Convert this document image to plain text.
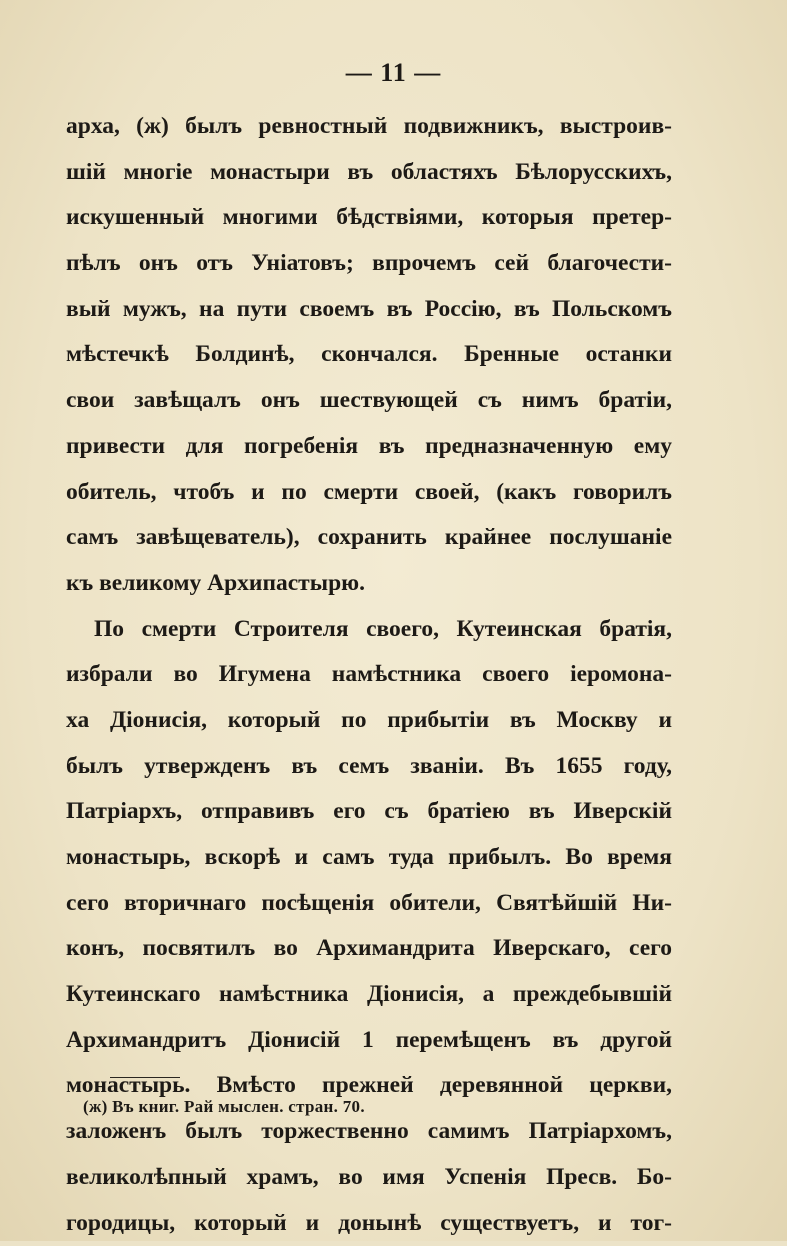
— 11 —
арха, (ж) былъ ревностный подвижникъ, выстроив-
шій многіе монастыри въ областяхъ Бѣлорусскихъ,
искушенный многими бѣдствіями, которыя претер-
пѣлъ онъ отъ Уніатовъ; впрочемъ сей благочести-
вый мужъ, на пути своемъ въ Россію, въ Польскомъ
мѣстечкѣ Болдинѣ, скончался. Бренные останки
свои завѣщалъ онъ шествующей съ нимъ братіи,
привести для погребенія въ предназначенную ему
обитель, чтобъ и по смерти своей, (какъ говорилъ
самъ завѣщеватель), сохранить крайнее послушаніе
къ великому Архипастырю.
По смерти Строителя своего, Кутеинская братія,
избрали во Игумена намѣстника своего іеромона-
ха Діонисія, который по прибытіи въ Москву и
былъ утвержденъ въ семъ званіи. Въ 1655 году,
Патріархъ, отправивъ его съ братіею въ Иверскій
монастырь, вскорѣ и самъ туда прибылъ. Во время
сего вторичнаго посѣщенія обители, Святѣйшій Ни-
конъ, посвятилъ во Архимандрита Иверскаго, сего
Кутеинскаго намѣстника Діонисія, а преждебывшій
Архимандритъ Діонисій 1 перемѣщенъ въ другой
монастырь. Вмѣсто прежней деревянной церкви,
заложенъ былъ торжественно самимъ Патріархомъ,
великолѣпный храмъ, во имя Успенія Пресв. Бо-
городицы, который и донынѣ существуетъ, и тог-
(ж) Въ книг. Рай мыслен. стран. 70.
